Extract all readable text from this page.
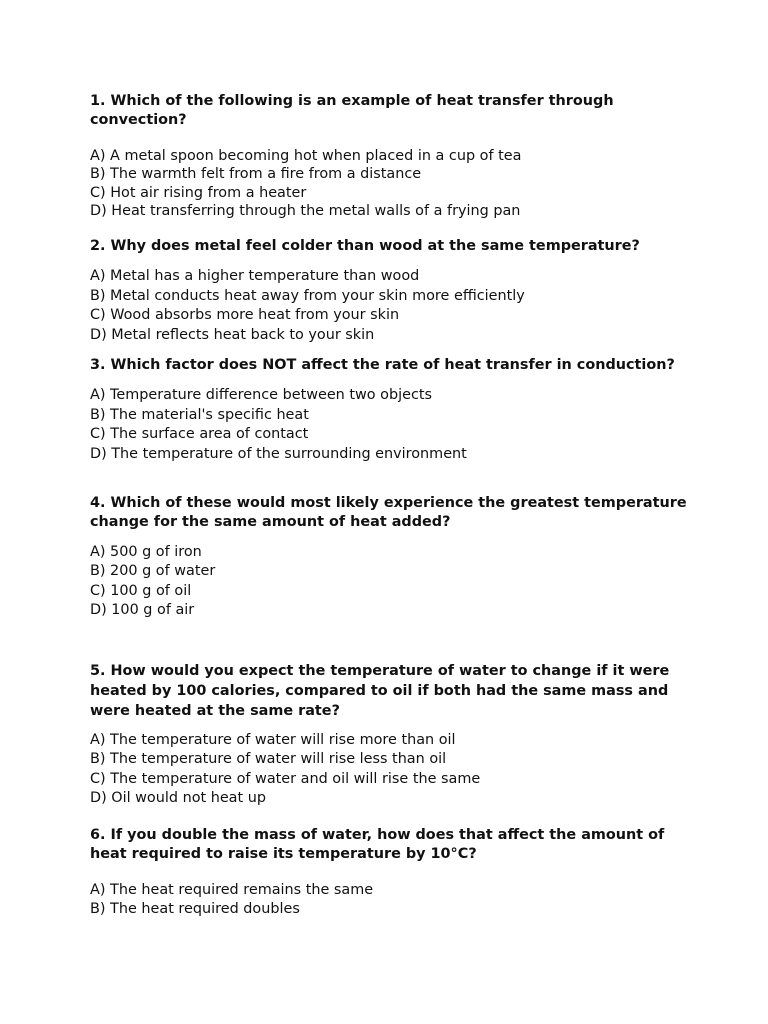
1. Which of the following is an example of heat transfer through convection?

A) A metal spoon becoming hot when placed in a cup of tea
B) The warmth felt from a fire from a distance
C) Hot air rising from a heater
D) Heat transferring through the metal walls of a frying pan

2. Why does metal feel colder than wood at the same temperature?

A) Metal has a higher temperature than wood
B) Metal conducts heat away from your skin more efficiently
C) Wood absorbs more heat from your skin
D) Metal reflects heat back to your skin

3. Which factor does NOT affect the rate of heat transfer in conduction?

A) Temperature difference between two objects
B) The material's specific heat
C) The surface area of contact
D) The temperature of the surrounding environment

4. Which of these would most likely experience the greatest temperature change for the same amount of heat added?

A) 500 g of iron
B) 200 g of water
C) 100 g of oil
D) 100 g of air

5. How would you expect the temperature of water to change if it were heated by 100 calories, compared to oil if both had the same mass and were heated at the same rate?

A) The temperature of water will rise more than oil
B) The temperature of water will rise less than oil
C) The temperature of water and oil will rise the same
D) Oil would not heat up

6. If you double the mass of water, how does that affect the amount of heat required to raise its temperature by 10°C?

A) The heat required remains the same
B) The heat required doubles
